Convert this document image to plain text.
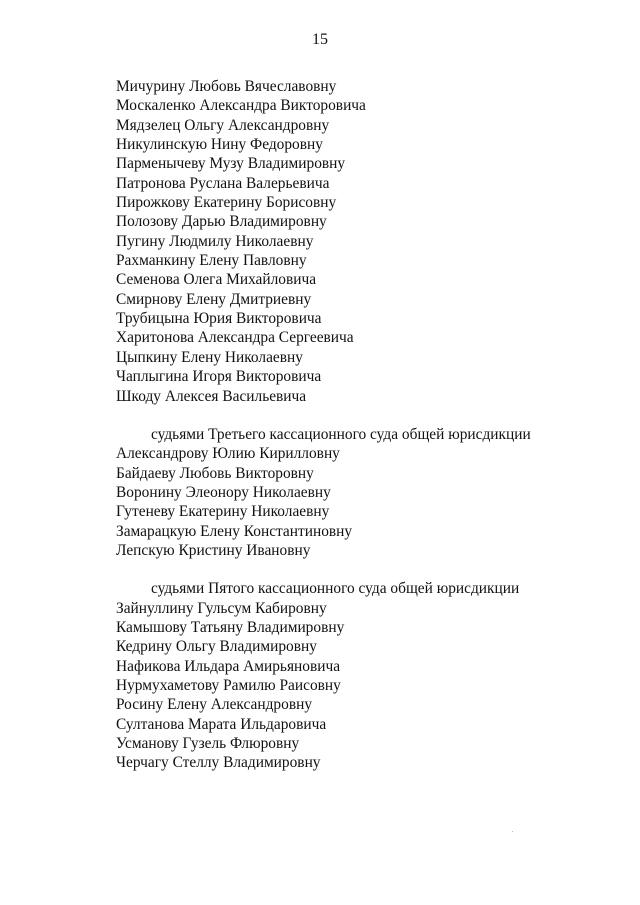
15
Мичурину Любовь Вячеславовну
Москаленко Александра Викторовича
Мядзелец Ольгу Александровну
Никулинскую Нину Федоровну
Парменычеву Музу Владимировну
Патронова Руслана Валерьевича
Пирожкову Екатерину Борисовну
Полозову Дарью Владимировну
Пугину Людмилу Николаевну
Рахманкину Елену Павловну
Семенова Олега Михайловича
Смирнову Елену Дмитриевну
Трубицына Юрия Викторовича
Харитонова Александра Сергеевича
Цыпкину Елену Николаевну
Чаплыгина Игоря Викторовича
Шкоду Алексея Васильевича
судьями Третьего кассационного суда общей юрисдикции
Александрову Юлию Кирилловну
Байдаеву Любовь Викторовну
Воронину Элеонору Николаевну
Гутеневу Екатерину Николаевну
Замарацкую Елену Константиновну
Лепскую Кристину Ивановну
судьями Пятого кассационного суда общей юрисдикции
Зайнуллину Гульсум Кабировну
Камышову Татьяну Владимировну
Кедрину Ольгу Владимировну
Нафикова Ильдара Амирьяновича
Нурмухаметову Рамилю Раисовну
Росину Елену Александровну
Султанова Марата Ильдаровича
Усманову Гузель Флюровну
Черчагу Стеллу Владимировну
